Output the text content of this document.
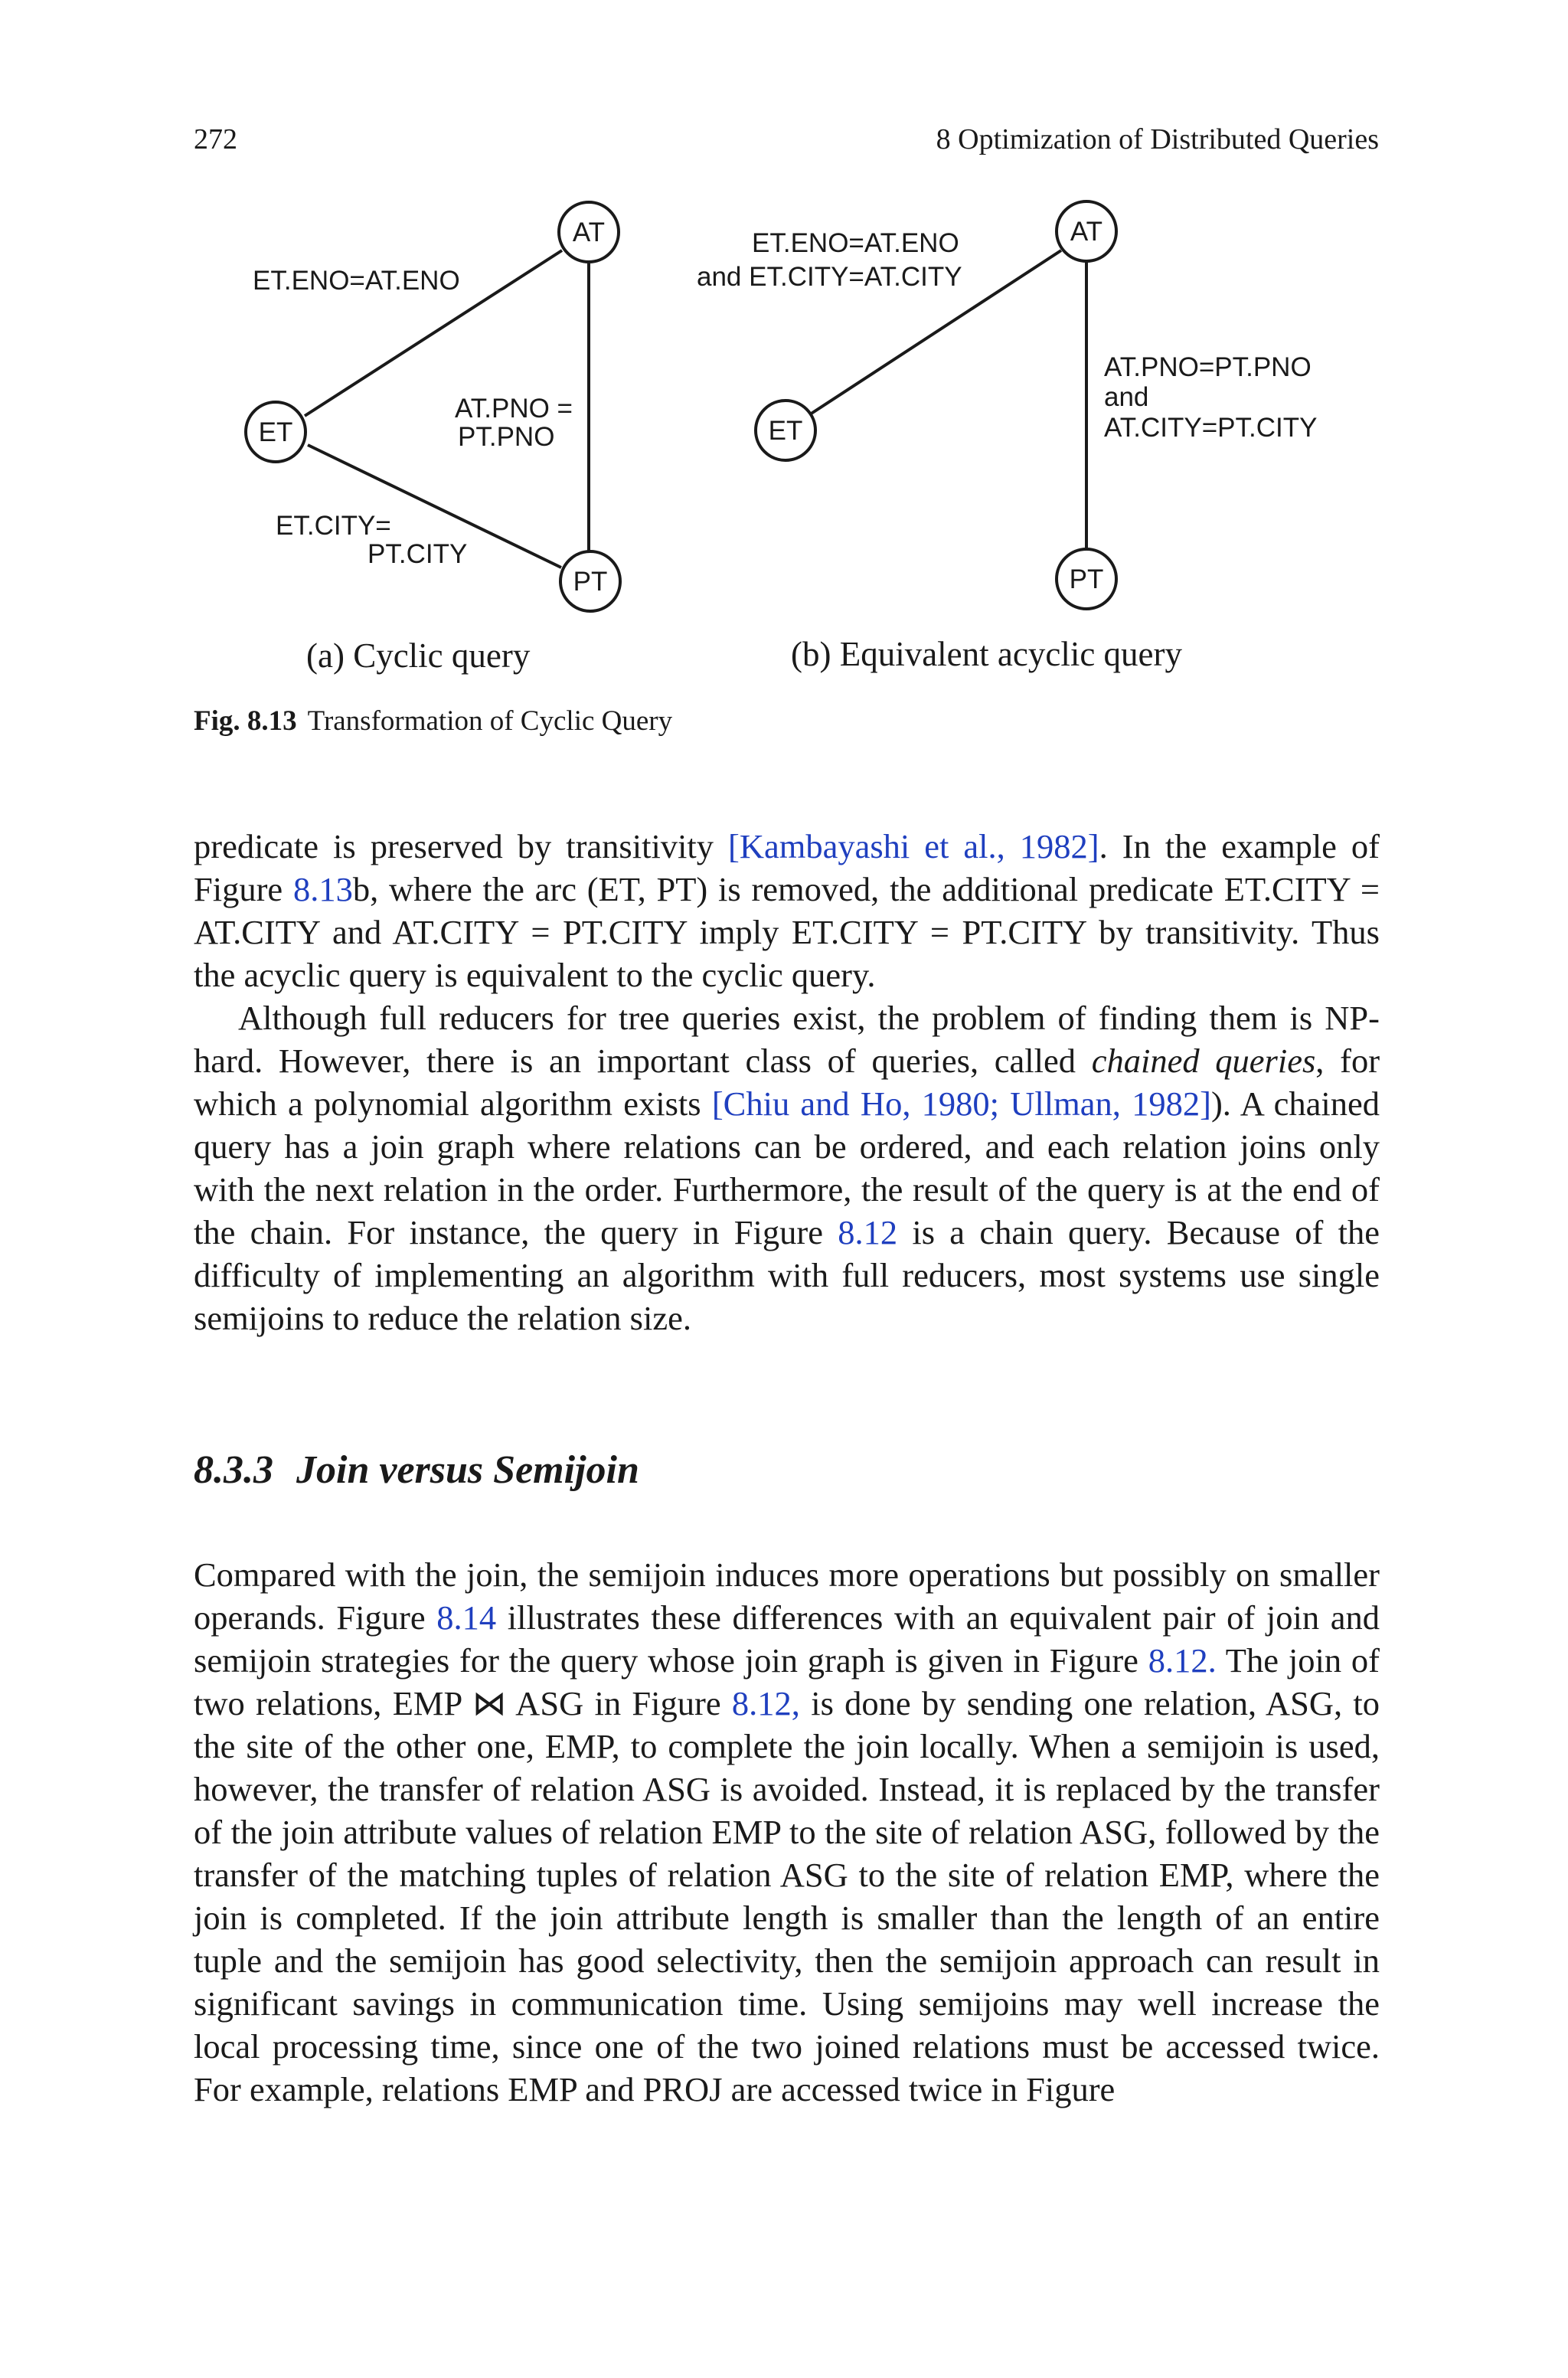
272	8 Optimization of Distributed Queries
AT
ET
PT
ET.ENO=AT.ENO
AT.PNO =
PT.PNO
ET.CITY=
PT.CITY
(a) Cyclic query
AT
ET
PT
ET.ENO=AT.ENO
and ET.CITY=AT.CITY
AT.PNO=PT.PNO
and
AT.CITY=PT.CITY
(b) Equivalent acyclic query
Fig. 8.13 Transformation of Cyclic Query

predicate is preserved by transitivity [Kambayashi et al., 1982]. In the example of Figure 8.13b, where the arc (ET, PT) is removed, the additional predicate ET.CITY = AT.CITY and AT.CITY = PT.CITY imply ET.CITY = PT.CITY by transitivity. Thus the acyclic query is equivalent to the cyclic query.

Although full reducers for tree queries exist, the problem of finding them is NP-hard. However, there is an important class of queries, called chained queries, for which a polynomial algorithm exists [Chiu and Ho, 1980; Ullman, 1982]). A chained query has a join graph where relations can be ordered, and each relation joins only with the next relation in the order. Furthermore, the result of the query is at the end of the chain. For instance, the query in Figure 8.12 is a chain query. Because of the difficulty of implementing an algorithm with full reducers, most systems use single semijoins to reduce the relation size.

8.3.3 Join versus Semijoin

Compared with the join, the semijoin induces more operations but possibly on smaller operands. Figure 8.14 illustrates these differences with an equivalent pair of join and semijoin strategies for the query whose join graph is given in Figure 8.12. The join of two relations, EMP ⋈ ASG in Figure 8.12, is done by sending one relation, ASG, to the site of the other one, EMP, to complete the join locally. When a semijoin is used, however, the transfer of relation ASG is avoided. Instead, it is replaced by the transfer of the join attribute values of relation EMP to the site of relation ASG, followed by the transfer of the matching tuples of relation ASG to the site of relation EMP, where the join is completed. If the join attribute length is smaller than the length of an entire tuple and the semijoin has good selectivity, then the semijoin approach can result in significant savings in communication time. Using semijoins may well increase the local processing time, since one of the two joined relations must be accessed twice. For example, relations EMP and PROJ are accessed twice in Figure
